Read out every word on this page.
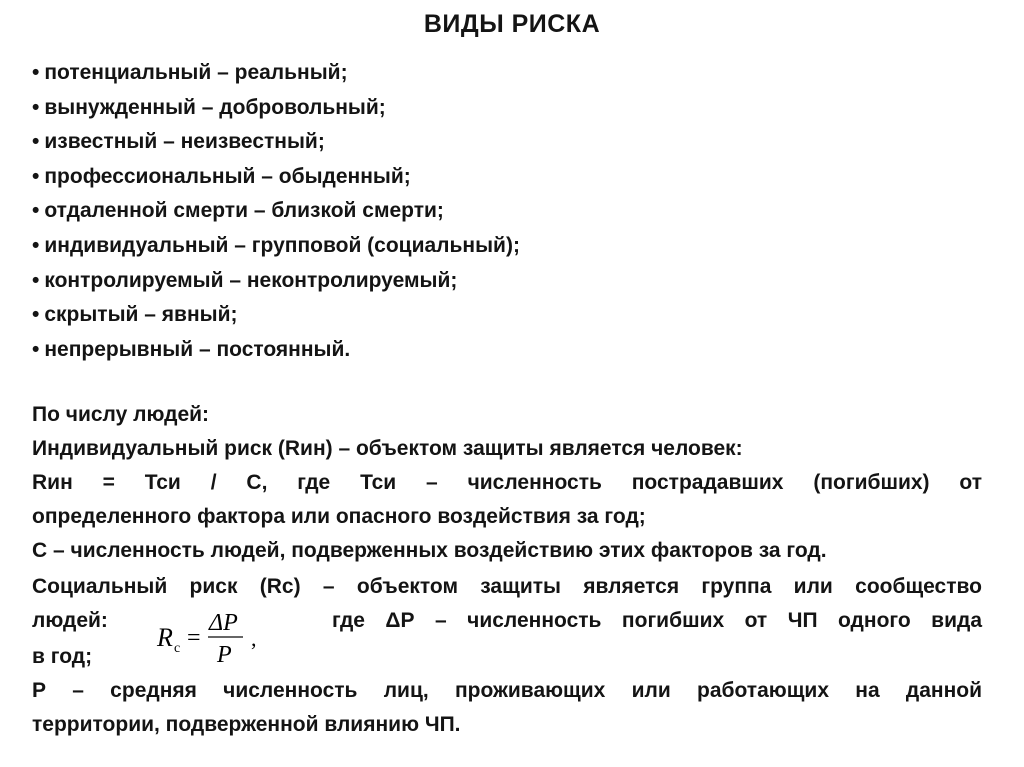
ВИДЫ РИСКА
• потенциальный – реальный;
• вынужденный – добровольный;
• известный – неизвестный;
• профессиональный – обыденный;
• отдаленной смерти – близкой смерти;
• индивидуальный – групповой (социальный);
• контролируемый – неконтролируемый;
• скрытый – явный;
• непрерывный – постоянный.

По числу людей:

Индивидуальный риск (Rин) – объектом защиты является человек:

Rин = Тси / С, где Тси – численность пострадавших (погибших) от

определенного фактора или опасного воздействия за год;

С – численность людей, подверженных воздействию этих факторов за год.

Социальный риск (Rс) – объектом защиты является группа или сообщество

людей:	где ΔР – численность погибших от ЧП одного вида

в год;

Р – средняя численность лиц, проживающих или работающих на данной

территории, подверженной влиянию ЧП.

R с =
ΔP
P
,
